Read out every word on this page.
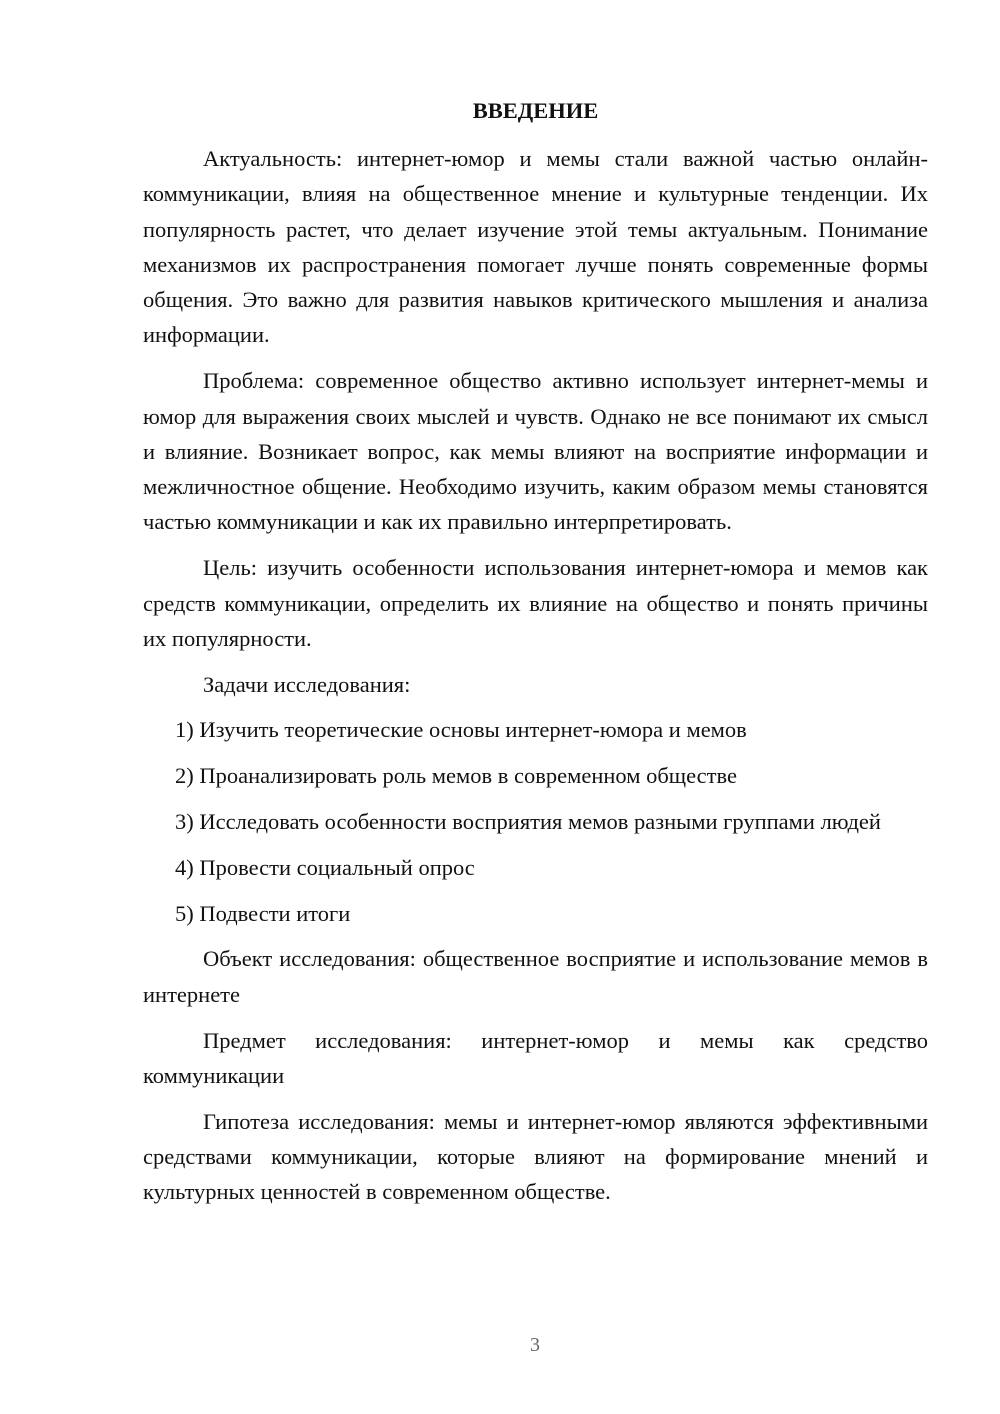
ВВЕДЕНИЕ

Актуальность: интернет-юмор и мемы стали важной частью онлайн-коммуникации, влияя на общественное мнение и культурные тенденции. Их популярность растет, что делает изучение этой темы актуальным. Понимание механизмов их распространения помогает лучше понять современные формы общения. Это важно для развития навыков критического мышления и анализа информации.

Проблема: современное общество активно использует интернет-мемы и юмор для выражения своих мыслей и чувств. Однако не все понимают их смысл и влияние. Возникает вопрос, как мемы влияют на восприятие информации и межличностное общение. Необходимо изучить, каким образом мемы становятся частью коммуникации и как их правильно интерпретировать.

Цель: изучить особенности использования интернет-юмора и мемов как средств коммуникации, определить их влияние на общество и понять причины их популярности.

Задачи исследования:

1) Изучить теоретические основы интернет-юмора и мемов

2) Проанализировать роль мемов в современном обществе

3) Исследовать особенности восприятия мемов разными группами людей

4) Провести социальный опрос

5) Подвести итоги

Объект исследования: общественное восприятие и использование мемов в интернете

Предмет исследования: интернет-юмор и мемы как средство коммуникации

Гипотеза исследования: мемы и интернет-юмор являются эффективными средствами коммуникации, которые влияют на формирование мнений и культурных ценностей в современном обществе.

3
